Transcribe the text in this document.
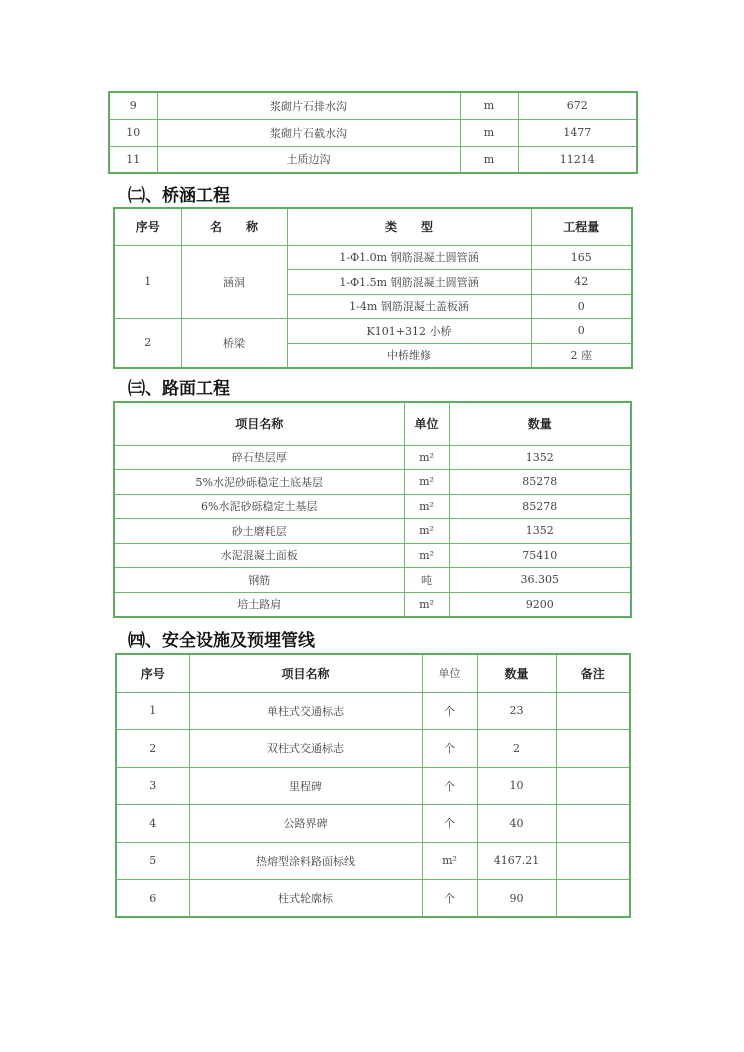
9	浆砌片石排水沟	m	672
10	浆砌片石截水沟	m	1477
11	土质边沟	m	11214
㈡、桥涵工程
序号	名　　称	类　　型	工程量
1	涵洞	1-Φ1.0m 钢筋混凝土圆管涵	165
		1-Φ1.5m 钢筋混凝土圆管涵	42
		1-4m 钢筋混凝土盖板涵	0
2	桥梁	K101+312 小桥	0
		中桥维修	2 座
㈢、路面工程
项目名称	单位	数量
碎石垫层厚	m²	1352
5%水泥砂砾稳定土底基层	m²	85278
6%水泥砂砾稳定土基层	m²	85278
砂土磨耗层	m²	1352
水泥混凝土面板	m²	75410
钢筋	吨	36.305
培土路肩	m²	9200
㈣、安全设施及预埋管线
序号	项目名称	单位	数量	备注
1	单柱式交通标志	个	23	
2	双柱式交通标志	个	2	
3	里程碑	个	10	
4	公路界碑	个	40	
5	热熔型涂料路面标线	m²	4167.21	
6	柱式轮廓标	个	90	
